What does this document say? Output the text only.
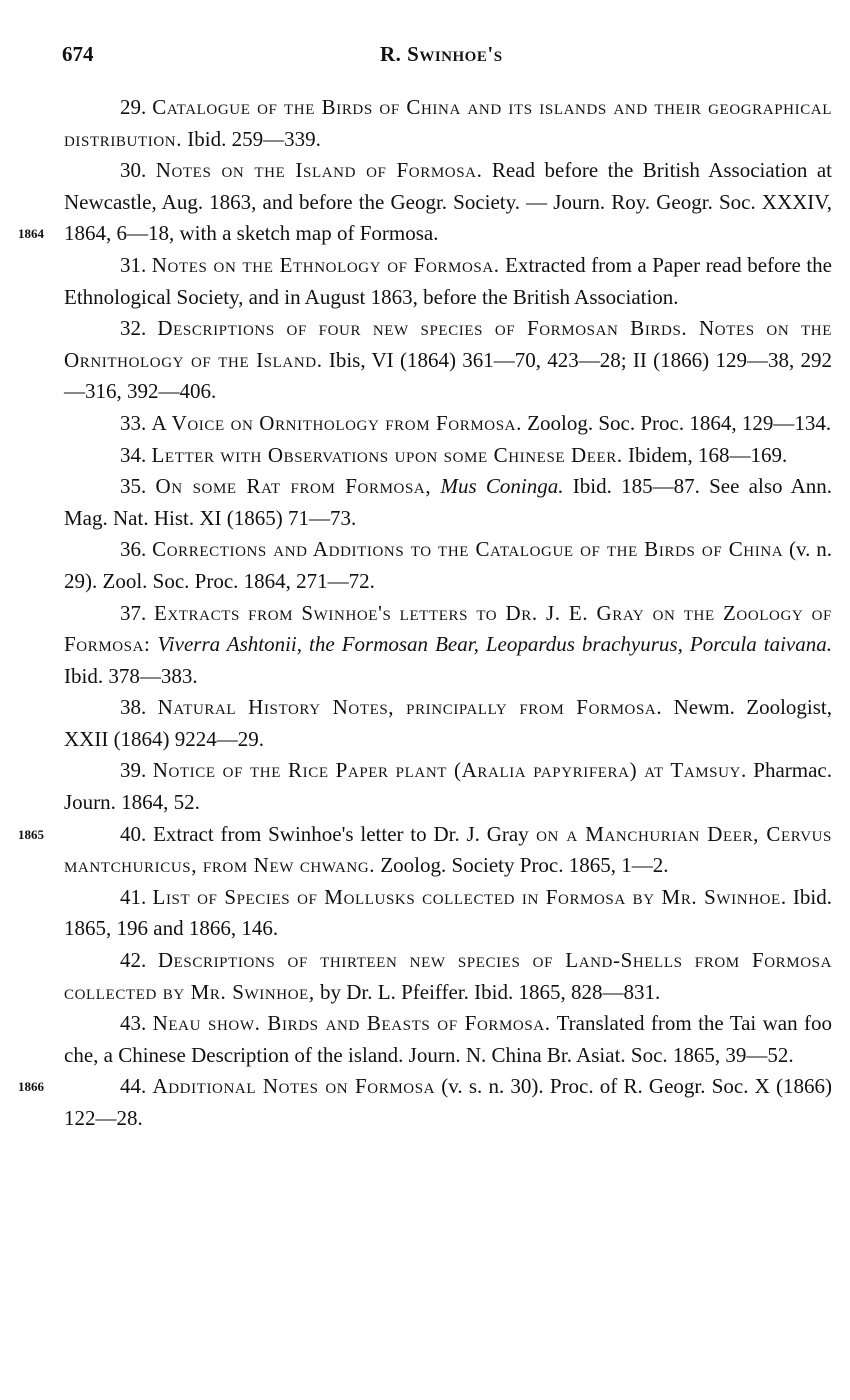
674	R. Swinhoe's

29. Catalogue of the Birds of China and its islands and their geographical distribution. Ibid. 259—339.

1864
30. Notes on the Island of Formosa. Read before the British Association at Newcastle, Aug. 1863, and before the Geogr. Society. — Journ. Roy. Geogr. Soc. XXXIV, 1864, 6—18, with a sketch map of Formosa.

31. Notes on the Ethnology of Formosa. Extracted from a Paper read before the Ethnological Society, and in August 1863, before the British Association.

32. Descriptions of four new species of Formosan Birds. Notes on the Ornithology of the Island. Ibis, VI (1864) 361—70, 423—28; II (1866) 129—38, 292—316, 392—406.

33. A Voice on Ornithology from Formosa. Zoolog. Soc. Proc. 1864, 129—134.

34. Letter with Observations upon some Chinese Deer. Ibidem, 168—169.

35. On some Rat from Formosa, Mus Coninga. Ibid. 185—87. See also Ann. Mag. Nat. Hist. XI (1865) 71—73.

36. Corrections and Additions to the Catalogue of the Birds of China (v. n. 29). Zool. Soc. Proc. 1864, 271—72.

37. Extracts from Swinhoe's letters to Dr. J. E. Gray on the Zoology of Formosa: Viverra Ashtonii, the Formosan Bear, Leopardus brachyurus, Porcula taivana. Ibid. 378—383.

38. Natural History Notes, principally from Formosa. Newm. Zoologist, XXII (1864) 9224—29.

39. Notice of the Rice Paper plant (Aralia papyrifera) at Tamsuy. Pharmac. Journ. 1864, 52.

1865	40. Extract from Swinhoe's letter to Dr. J. Gray on a Manchurian Deer, Cervus mantchuricus, from New chwang. Zoolog. Society Proc. 1865, 1—2.

41. List of Species of Mollusks collected in Formosa by Mr. Swinhoe. Ibid. 1865, 196 and 1866, 146.

42. Descriptions of thirteen new species of Land-Shells from Formosa collected by Mr. Swinhoe, by Dr. L. Pfeiffer. Ibid. 1865, 828—831.

43. Neau show. Birds and Beasts of Formosa. Translated from the Tai wan foo che, a Chinese Description of the island. Journ. N. China Br. Asiat. Soc. 1865, 39—52.

1866	44. Additional Notes on Formosa (v. s. n. 30). Proc. of R. Geogr. Soc. X (1866) 122—28.
